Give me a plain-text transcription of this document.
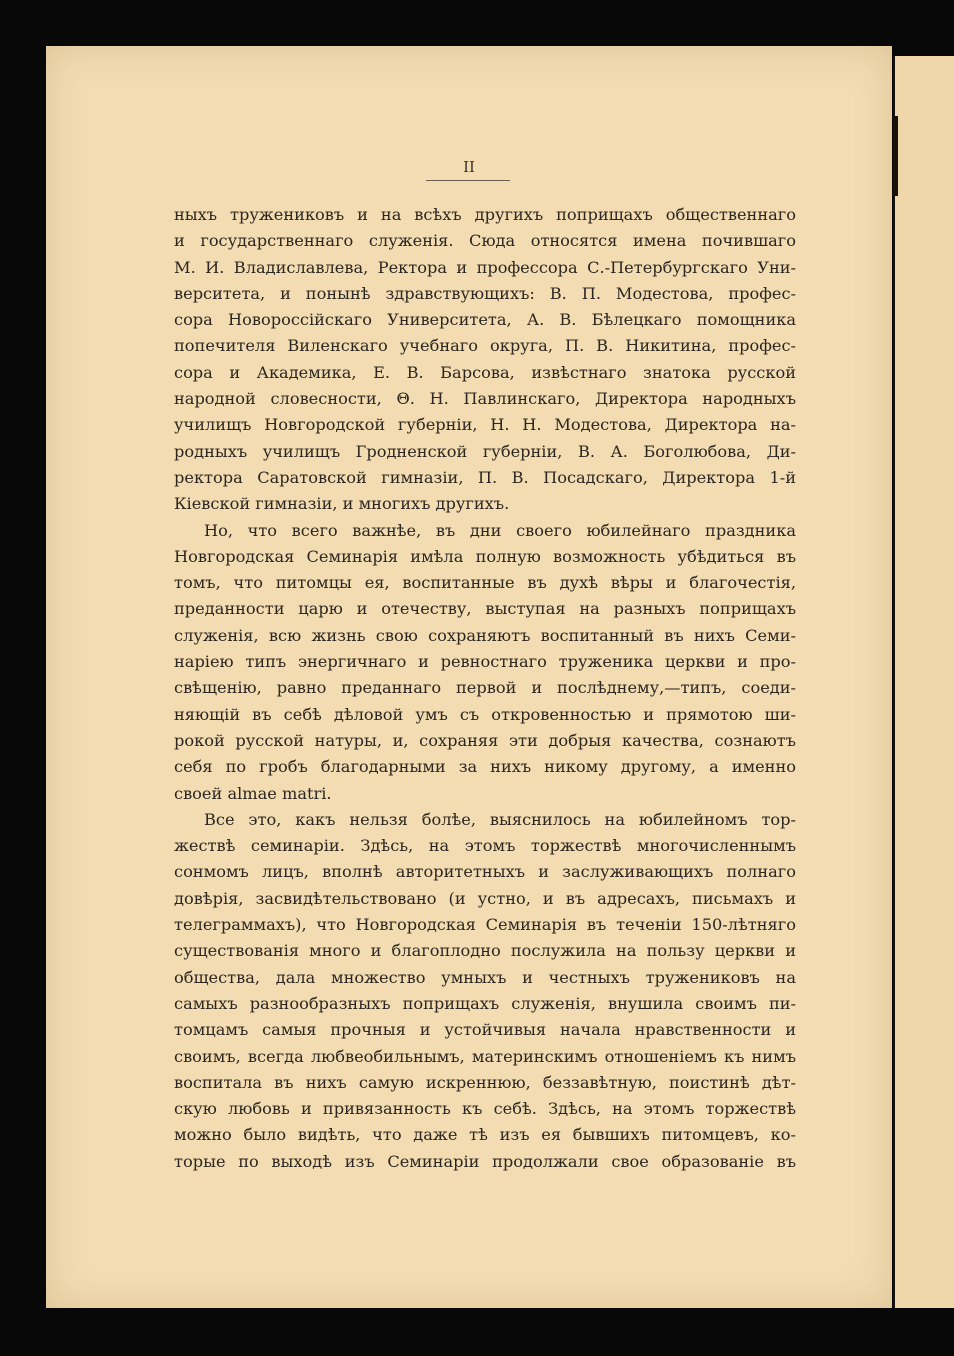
II
ныхъ тружениковъ и на всѣхъ другихъ поприщахъ общественнаго
и государственнаго служенія. Сюда относятся имена почившаго
М. И. Владиславлева, Ректора и профессора С.-Петербургскаго Уни-
верситета, и понынѣ здравствующихъ: В. П. Модестова, профес-
сора Новороссійскаго Университета, А. В. Бѣлецкаго помощника
попечителя Виленскаго учебнаго округа, П. В. Никитина, профес-
сора и Академика, Е. В. Барсова, извѣстнаго знатока русской
народной словесности, Θ. Н. Павлинскаго, Директора народныхъ
училищъ Новгородской губерніи, Н. Н. Модестова, Директора на-
родныхъ училищъ Гродненской губерніи, В. А. Боголюбова, Ди-
ректора Саратовской гимназіи, П. В. Посадскаго, Директора 1-й
Кіевской гимназіи, и многихъ другихъ.
Но, что всего важнѣе, въ дни своего юбилейнаго праздника
Новгородская Семинарія имѣла полную возможность убѣдиться въ
томъ, что питомцы ея, воспитанные въ духѣ вѣры и благочестія,
преданности царю и отечеству, выступая на разныхъ поприщахъ
служенія, всю жизнь свою сохраняютъ воспитанный въ нихъ Семи-
наріею типъ энергичнаго и ревностнаго труженика церкви и про-
свѣщенію, равно преданнаго первой и послѣднему,—типъ, соеди-
няющій въ себѣ дѣловой умъ съ откровенностью и прямотою ши-
рокой русской натуры, и, сохраняя эти добрыя качества, сознаютъ
себя по гробъ благодарными за нихъ никому другому, а именно
своей almae matri.
Все это, какъ нельзя болѣе, выяснилось на юбилейномъ тор-
жествѣ семинаріи. Здѣсь, на этомъ торжествѣ многочисленнымъ
сонмомъ лицъ, вполнѣ авторитетныхъ и заслуживающихъ полнаго
довѣрія, засвидѣтельствовано (и устно, и въ адресахъ, письмахъ и
телеграммахъ), что Новгородская Семинарія въ теченіи 150-лѣтняго
существованія много и благоплодно послужила на пользу церкви и
общества, дала множество умныхъ и честныхъ тружениковъ на
самыхъ разнообразныхъ поприщахъ служенія, внушила своимъ пи-
томцамъ самыя прочныя и устойчивыя начала нравственности и
своимъ, всегда любвеобильнымъ, материнскимъ отношеніемъ къ нимъ
воспитала въ нихъ самую искреннюю, беззавѣтную, поистинѣ дѣт-
скую любовь и привязанность къ себѣ. Здѣсь, на этомъ торжествѣ
можно было видѣть, что даже тѣ изъ ея бывшихъ питомцевъ, ко-
торые по выходѣ изъ Семинаріи продолжали свое образованіе въ
